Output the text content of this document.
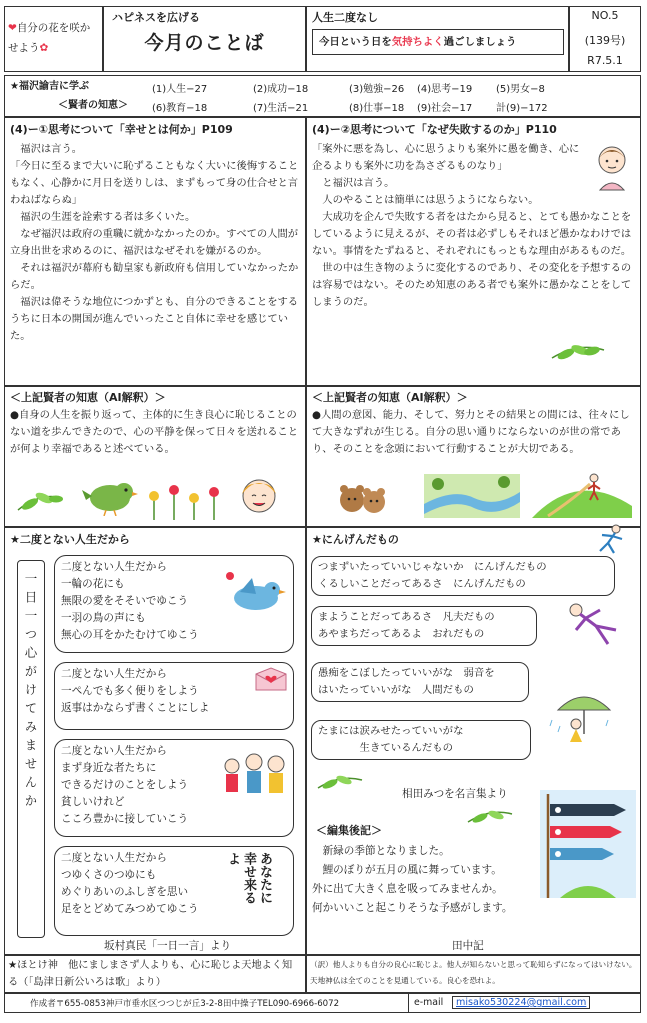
❤自分の花を咲かせよう✿
ハピネスを広げる
今月のことば
人生二度なし
今日という日を気持ちよく過ごしましょう
NO.5
(139号)
R7.5.1
★福沢諭吉に学ぶ	(1)人生−27	(2)成功−18	(3)勉強−26 (4)思考−19 (5)男女−8
＜賢者の知恵＞ (6)教育−18	(7)生活−21	(8)仕事−18 (9)社会−17 計(9)−172
(4)ー①思考について「幸せとは何か」P109

　福沢は言う。

「今日に至るまで大いに恥ずることもなく大いに後悔することもなく、心静かに月日を送りしは、まずもって身の仕合せと言わねばならぬ」

　福沢の生涯を詮索する者は多くいた。

　なぜ福沢は政府の重職に就かなかったのか。すべての人間が立身出世を求めるのに、福沢はなぜそれを嫌がるのか。

　それは福沢が幕府も勧皇家も新政府も信用していなかったからだ。

　福沢は偉そうな地位につかずとも、自分のできることをするうちに日本の開国が進んでいったこと自体に幸せを感じていた。

(4)ー②思考について「なぜ失敗するのか」P110

「案外に悪を為し、心に思うよりも案外に愚を働き、心に企るよりも案外に功を為さざるものなり」

　と福沢は言う。

　人のやることは簡単には思うようにならない。

　大成功を企んで失敗する者をはたから見ると、とても愚かなことをしているように見えるが、その者は必ずしもそれほど愚かなわけではない。事情をたずねると、それぞれにもっともな理由があるものだ。

　世の中は生き物のように変化するのであり、その変化を予想するのは容易ではない。そのため知恵のある者でも案外に愚かなことをしてしまうのだ。

＜上記賢者の知恵（AI解釈）＞
●自身の人生を振り返って、主体的に生き良心に恥じることのない道を歩んできたので、心の平静を保って日々を送れることが何より幸福であると述べている。
＜上記賢者の知恵（AI解釈）＞
●人間の意図、能力、そして、努力とその結果との間には、往々にして大きなずれが生じる。自分の思い通りにならないのが世の常であり、そのことを念頭において行動することが大切である。
★二度とない人生だから
一日一つ心がけてみませんか

二度とない人生だから

一輪の花にも

無限の愛をそそいでゆこう

一羽の鳥の声にも

無心の耳をかたむけてゆこう

二度とない人生だから

一ぺんでも多く便りをしよう

返事はかならず書くことにしよ

二度とない人生だから

まず身近な者たちに

できるだけのことをしよう

貧しいけれど

こころ豊かに接していこう

二度とない人生だから

つゆくさのつゆにも

めぐりあいのふしぎを思い

足をとどめてみつめてゆこう

あなたに幸せ来るよ
坂村真民「一日一言」より
★にんげんだもの

つまずいたっていいじゃないか　にんげんだもの

くるしいことだってあるさ　にんげんだもの

まようことだってあるさ　凡夫だもの

あやまちだってあるよ　おれだもの

愚痴をこぼしたっていいがな　弱音を

はいたっていいがな　人間だもの

たまには涙みせたっていいがな

　　　　生きているんだもの

相田みつを名言集より
＜編集後記＞

　新緑の季節となりました。

　鯉のぼりが五月の風に舞っています。

外に出て大きく息を吸ってみませんか。

何かいいこと起こりそうな予感がします。

田中記
★ほとけ神　他にましまさず人よりも、心に恥じよ天地よく知る（「島津日新公いろは歌」より）
（訳）他人よりも自分の良心に恥じよ。他人が知らないと思って恥知らずになってはいけない。天地神仏は全てのことを見通している。良心を恐れよ。
作成者〒655-0853神戸市垂水区つつじが丘3-2-8田中操子TEL090-6966-6072	e-mail	misako530224@gmail.com
